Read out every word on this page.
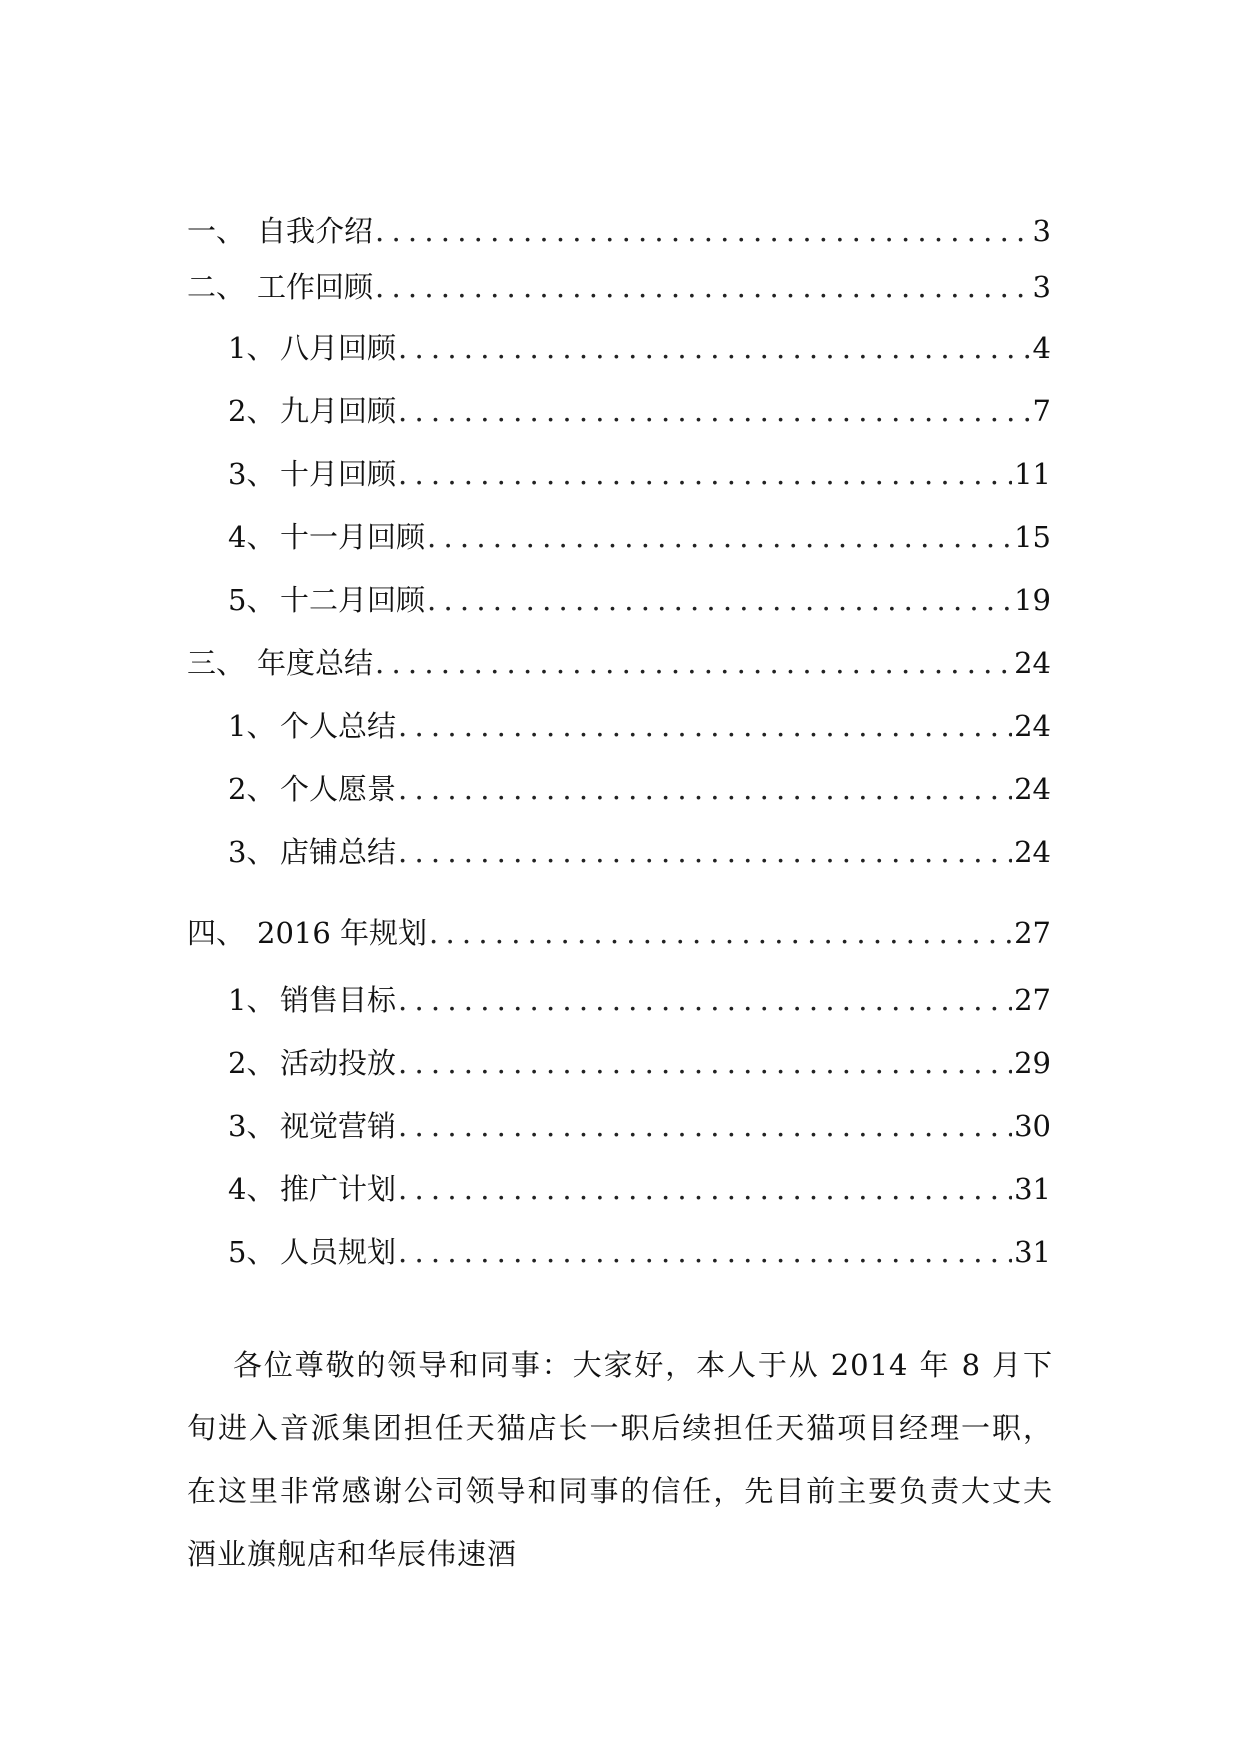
一、 自我介绍 . . .	3
二、 工作回顾 . . .	3
1、 八月回顾 . . .	4
2、 九月回顾 . . .	7
3、 十月回顾 . . .	11
4、 十一月回顾 . . .	15
5、 十二月回顾 . . .	19
三、 年度总结 . . .	24
1、 个人总结 . . .	24
2、 个人愿景 . . .	24
3、 店铺总结 . . .	24
四、 2016 年规划 . . .	27
1、 销售目标 . . .	27
2、 活动投放 . . .	29
3、 视觉营销 . . .	30
4、 推广计划 . . .	31
5、 人员规划 . . .	31

各位尊敬的领导和同事：大家好，本人于从 2014 年 8 月下 旬进入音派集团担任天猫店长一职后续担任天猫项目经理一职，在这里非常感谢公司领导和同事的信任，先目前主要负责大丈夫 酒业旗舰店和华辰伟速酒
